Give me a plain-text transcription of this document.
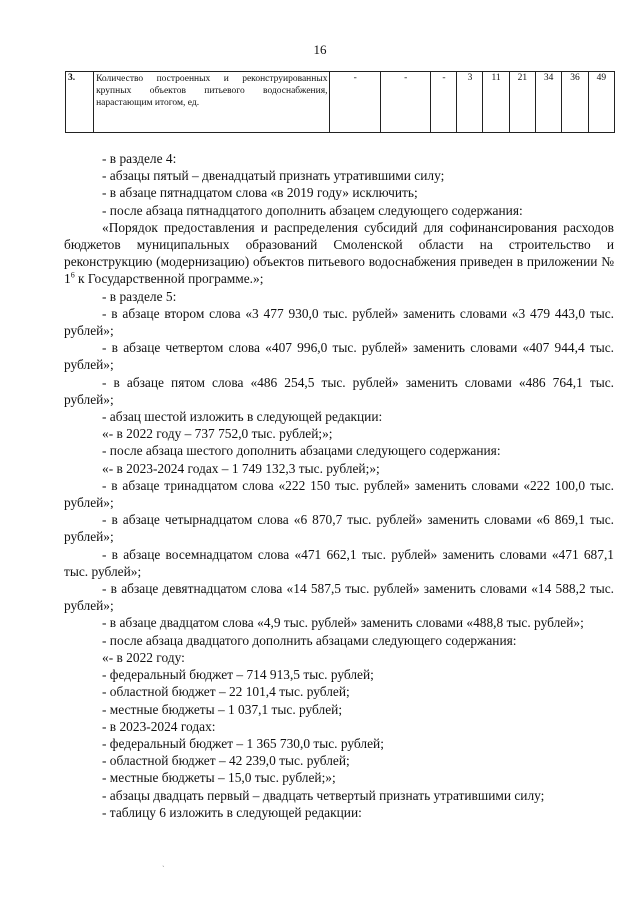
16
3.	Количество построенных и реконструированных крупных объектов питьевого водоснабжения, нарастающим итогом, ед.	-	-	-	3	11	21	34	36	49

- в разделе 4:

- абзацы пятый – двенадцатый признать утратившими силу;

- в абзаце пятнадцатом слова «в 2019 году» исключить;

- после абзаца пятнадцатого дополнить абзацем следующего содержания:

«Порядок предоставления и распределения субсидий для софинансирования расходов бюджетов муниципальных образований Смоленской области на строительство и реконструкцию (модернизацию) объектов питьевого водоснабжения приведен в приложении № $1^6$ к Государственной программе.»;

- в разделе 5:

- в абзаце втором слова «3 477 930,0 тыс. рублей» заменить словами «3 479 443,0 тыс. рублей»;

- в абзаце четвертом слова «407 996,0 тыс. рублей» заменить словами «407 944,4 тыс. рублей»;

- в абзаце пятом слова «486 254,5 тыс. рублей» заменить словами «486 764,1 тыс. рублей»;

- абзац шестой изложить в следующей редакции:

«- в 2022 году – 737 752,0 тыс. рублей;»;

- после абзаца шестого дополнить абзацами следующего содержания:

«- в 2023-2024 годах – 1 749 132,3 тыс. рублей;»;

- в абзаце тринадцатом слова «222 150 тыс. рублей» заменить словами «222 100,0 тыс. рублей»;

- в абзаце четырнадцатом слова «6 870,7 тыс. рублей» заменить словами «6 869,1 тыс. рублей»;

- в абзаце восемнадцатом слова «471 662,1 тыс. рублей» заменить словами «471 687,1 тыс. рублей»;

- в абзаце девятнадцатом слова «14 587,5 тыс. рублей» заменить словами «14 588,2 тыс. рублей»;

- в абзаце двадцатом слова «4,9 тыс. рублей» заменить словами «488,8 тыс. рублей»;

- после абзаца двадцатого дополнить абзацами следующего содержания:

«- в 2022 году:

- федеральный бюджет – 714 913,5 тыс. рублей;

- областной бюджет – 22 101,4 тыс. рублей;

- местные бюджеты – 1 037,1 тыс. рублей;

- в 2023-2024 годах:

- федеральный бюджет – 1 365 730,0 тыс. рублей;

- областной бюджет – 42 239,0 тыс. рублей;

- местные бюджеты – 15,0 тыс. рублей;»;

- абзацы двадцать первый – двадцать четвертый признать утратившими силу;

- таблицу 6 изложить в следующей редакции:

ˎ
